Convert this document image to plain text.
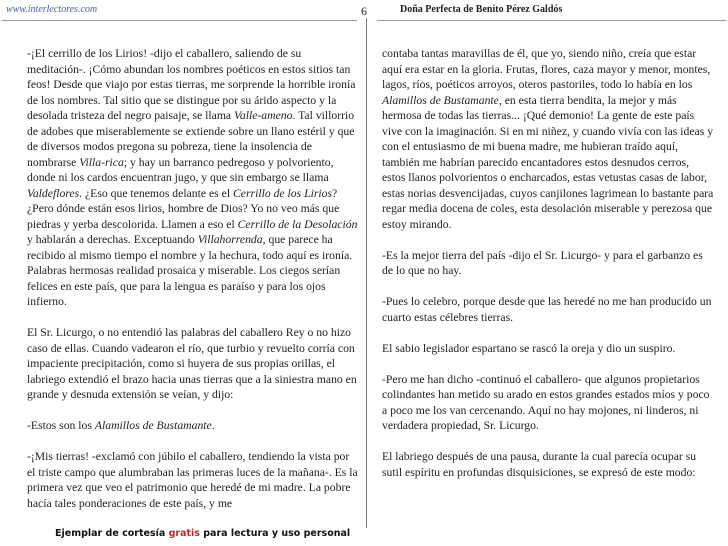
www.interlectores.com	6	Doña Perfecta de Benito Pérez Galdós

-¡El cerrillo de los Lirios! -dijo el caballero, saliendo de su meditación-. ¡Cómo abundan los nombres poéticos en estos sitios tan feos! Desde que viajo por estas tierras, me sorprende la horrible ironía de los nombres. Tal sitio que se distingue por su árido aspecto y la desolada tristeza del negro paisaje, se llama Valle-ameno. Tal villorrio de adobes que miserablemente se extiende sobre un llano estéril y que de diversos modos pregona su pobreza, tiene la insolencia de nombrarse Villa-rica; y hay un barranco pedregoso y polvoriento, donde ni los cardos encuentran jugo, y que sin embargo se llama Valdeflores. ¿Eso que tenemos delante es el Cerrillo de los Lirios? ¿Pero dónde están esos lirios, hombre de Dios? Yo no veo más que piedras y yerba descolorida. Llamen a eso el Cerrillo de la Desolación y hablarán a derechas. Exceptuando Villahorrenda, que parece ha recibido al mismo tiempo el nombre y la hechura, todo aquí es ironía. Palabras hermosas realidad prosaica y miserable. Los ciegos serían felices en este país, que para la lengua es paraíso y para los ojos infierno.

El Sr. Licurgo, o no entendió las palabras del caballero Rey o no hizo caso de ellas. Cuando vadearon el río, que turbio y revuelto corría con impaciente precipitación, como si huyera de sus propias orillas, el labriego extendió el brazo hacia unas tierras que a la siniestra mano en grande y desnuda extensión se veían, y dijo:

-Estos son los Alamillos de Bustamante.

-¡Mis tierras! -exclamó con júbilo el caballero, tendiendo la vista por el triste campo que alumbraban las primeras luces de la mañana-. Es la primera vez que veo el patrimonio que heredé de mi madre. La pobre hacía tales ponderaciones de este país, y me

contaba tantas maravillas de él, que yo, siendo niño, creía que estar aquí era estar en la gloria. Frutas, flores, caza mayor y menor, montes, lagos, ríos, poéticos arroyos, oteros pastoriles, todo lo había en los Alamillos de Bustamante, en esta tierra bendita, la mejor y más hermosa de todas las tierras... ¡Qué demonio! La gente de este país vive con la imaginación. Si en mi niñez, y cuando vivía con las ideas y con el entusiasmo de mi buena madre, me hubieran traído aquí, también me habrían parecido encantadores estos desnudos cerros, estos llanos polvorientos o encharcados, estas vetustas casas de labor, estas norias desvencijadas, cuyos canjilones lagrimean lo bastante para regar media docena de coles, esta desolación miserable y perezosa que estoy mirando.

-Es la mejor tierra del país -dijo el Sr. Licurgo- y para el garbanzo es de lo que no hay.

-Pues lo celebro, porque desde que las heredé no me han producido un cuarto estas célebres tierras.

El sabio legislador espartano se rascó la oreja y dio un suspiro.

-Pero me han dicho -continuó el caballero- que algunos propietarios colindantes han metido su arado en estos grandes estados míos y poco a poco me los van cercenando. Aquí no hay mojones, ni linderos, ni verdadera propiedad, Sr. Licurgo.

El labriego después de una pausa, durante la cual parecía ocupar su sutil espíritu en profundas disquisiciones, se expresó de este modo:

Ejemplar de cortesía gratis para lectura y uso personal
